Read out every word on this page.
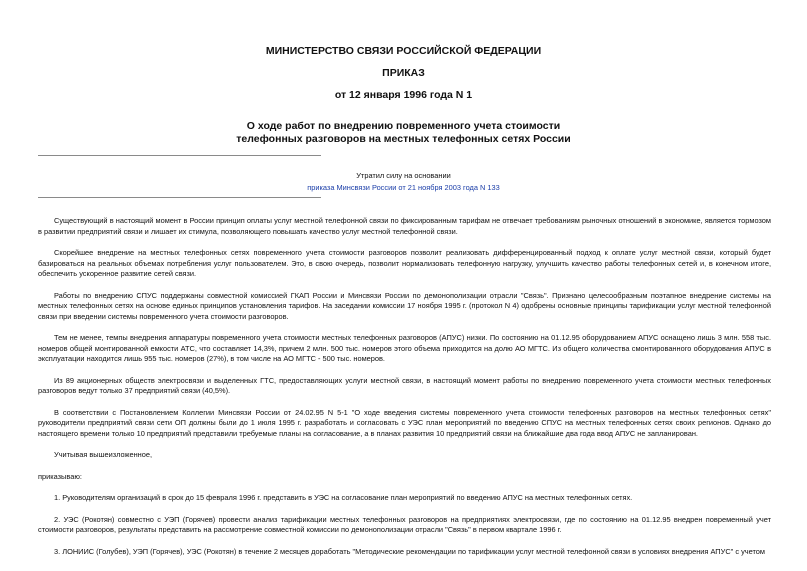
МИНИСТЕРСТВО СВЯЗИ РОССИЙСКОЙ ФЕДЕРАЦИИ
ПРИКАЗ
от 12 января 1996 года N 1
О ходе работ по внедрению повременного учета стоимости
телефонных разговоров на местных телефонных сетях России
Утратил силу на основании
приказа Минсвязи России от 21 ноября 2003 года N 133

Существующий в настоящий момент в России принцип оплаты услуг местной телефонной связи по фиксированным тарифам не отвечает требованиям рыночных отношений в экономике, является тормозом в развитии предприятий связи и лишает их стимула, позволяющего повышать качество услуг местной телефонной связи.

Скорейшее внедрение на местных телефонных сетях повременного учета стоимости разговоров позволит реализовать дифференцированный подход к оплате услуг местной связи, который будет базироваться на реальных объемах потребления услуг пользователем. Это, в свою очередь, позволит нормализовать телефонную нагрузку, улучшить качество работы телефонных сетей и, в конечном итоге, обеспечить ускоренное развитие сетей связи.

Работы по внедрению СПУС поддержаны совместной комиссией ГКАП России и Минсвязи России по демонополизации отрасли "Связь". Признано целесообразным поэтапное внедрение системы на местных телефонных сетях на основе единых принципов установления тарифов. На заседании комиссии 17 ноября 1995 г. (протокол N 4) одобрены основные принципы тарификации услуг местной телефонной связи при введении системы повременного учета стоимости разговоров.

Тем не менее, темпы внедрения аппаратуры повременного учета стоимости местных телефонных разговоров (АПУС) низки. По состоянию на 01.12.95 оборудованием АПУС оснащено лишь 3 млн. 558 тыс. номеров общей монтированной емкости АТС, что составляет 14,3%, причем 2 млн. 500 тыс. номеров этого объема приходится на долю АО МГТС. Из общего количества смонтированного оборудования АПУС в эксплуатации находится лишь 955 тыс. номеров (27%), в том числе на АО МГТС - 500 тыс. номеров.

Из 89 акционерных обществ электросвязи и выделенных ГТС, предоставляющих услуги местной связи, в настоящий момент работы по внедрению повременного учета стоимости местных телефонных разговоров ведут только 37 предприятий связи (40,5%).

В соответствии с Постановлением Коллегии Минсвязи России от 24.02.95 N 5-1 "О ходе введения системы повременного учета стоимости телефонных разговоров на местных телефонных сетях" руководители предприятий связи сети ОП должны были до 1 июля 1995 г. разработать и согласовать с УЭС план мероприятий по введению СПУС на местных телефонных сетях своих регионов. Однако до настоящего времени только 10 предприятий представили требуемые планы на согласование, а в планах развития 10 предприятий связи на ближайшие два года ввод АПУС не запланирован.

Учитывая вышеизложенное,

приказываю:

1. Руководителям организаций в срок до 15 февраля 1996 г. представить в УЭС на согласование план мероприятий по введению АПУС на местных телефонных сетях.

2. УЭС (Рокотян) совместно с УЭП (Горячев) провести анализ тарификации местных телефонных разговоров на предприятиях электросвязи, где по состоянию на 01.12.95 внедрен повременный учет стоимости разговоров, результаты представить на рассмотрение совместной комиссии по демонополизации отрасли "Связь" в первом квартале 1996 г.

3. ЛОНИИС (Голубев), УЭП (Горячев), УЭС (Рокотян) в течение 2 месяцев доработать "Методические рекомендации по тарификации услуг местной телефонной связи в условиях внедрения АПУС" с учетом
